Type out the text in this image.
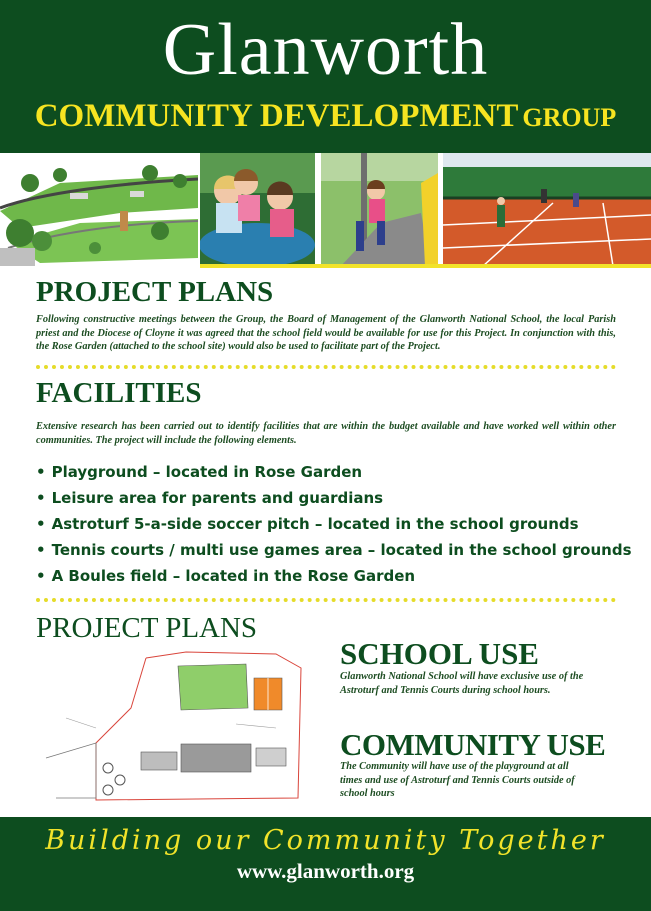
Glanworth
COMMUNITY DEVELOPMENT GROUP
PROJECT PLANS
Following constructive meetings between the Group, the Board of Management of the Glanworth National School, the local Parish priest and the Diocese of Cloyne it was agreed that the school field would be available for use for this Project. In conjunction with this, the Rose Garden (attached to the school site) would also be used to facilitate part of the Project.
FACILITIES
Extensive research has been carried out to identify facilities that are within the budget available and have worked well within other communities. The project will include the following elements.
• Playground – located in Rose Garden
• Leisure area for parents and guardians
• Astroturf 5-a-side soccer pitch – located in the school grounds
• Tennis courts / multi use games area – located in the school grounds
• A Boules field – located in the Rose Garden
PROJECT PLANS
SCHOOL USE
Glanworth National School will have exclusive use of the Astroturf and Tennis Courts during school hours.
COMMUNITY USE
The Community will have use of the playground at all times and use of Astroturf and Tennis Courts outside of school hours
Building our Community Together
www.glanworth.org
